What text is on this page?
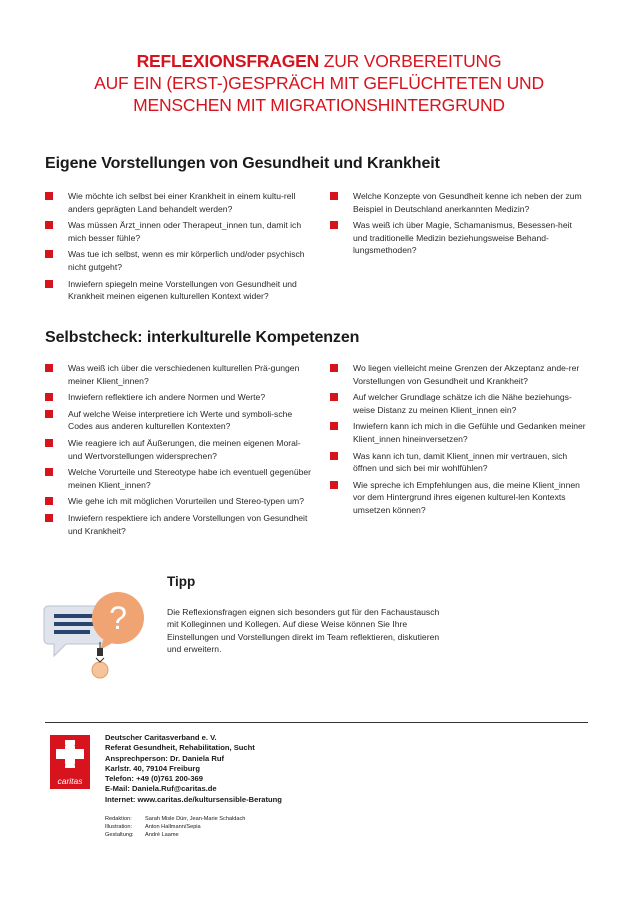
REFLEXIONSFRAGEN ZUR VORBEREITUNG
AUF EIN (ERST-)GESPRÄCH MIT GEFLÜCHTETEN UND
MENSCHEN MIT MIGRATIONSHINTERGRUND
Eigene Vorstellungen von Gesundheit und Krankheit
Wie möchte ich selbst bei einer Krankheit in einem kultu-rell anders geprägten Land behandelt werden?
Was müssen Ärzt_innen oder Therapeut_innen tun, damit ich mich besser fühle?
Was tue ich selbst, wenn es mir körperlich und/oder psychisch nicht gutgeht?
Inwiefern spiegeln meine Vorstellungen von Gesundheit und Krankheit meinen eigenen kulturellen Kontext wider?
Welche Konzepte von Gesundheit kenne ich neben der zum Beispiel in Deutschland anerkannten Medizin?
Was weiß ich über Magie, Schamanismus, Besessen-heit und traditionelle Medizin beziehungsweise Behand-lungsmethoden?
Selbstcheck: interkulturelle Kompetenzen
Was weiß ich über die verschiedenen kulturellen Prä-gungen meiner Klient_innen?
Inwiefern reflektiere ich andere Normen und Werte?
Auf welche Weise interpretiere ich Werte und symboli-sche Codes aus anderen kulturellen Kontexten?
Wie reagiere ich auf Äußerungen, die meinen eigenen Moral- und Wertvorstellungen widersprechen?
Welche Vorurteile und Stereotype habe ich eventuell gegenüber meinen Klient_innen?
Wie gehe ich mit möglichen Vorurteilen und Stereo-typen um?
Inwiefern respektiere ich andere Vorstellungen von Gesundheit und Krankheit?
Wo liegen vielleicht meine Grenzen der Akzeptanz ande-rer Vorstellungen von Gesundheit und Krankheit?
Auf welcher Grundlage schätze ich die Nähe beziehungs-weise Distanz zu meinen Klient_innen ein?
Inwiefern kann ich mich in die Gefühle und Gedanken meiner Klient_innen hineinversetzen?
Was kann ich tun, damit Klient_innen mir vertrauen, sich öffnen und sich bei mir wohlfühlen?
Wie spreche ich Empfehlungen aus, die meine Klient_innen vor dem Hintergrund ihres eigenen kulturel-len Kontexts umsetzen können?
?
Tipp
Die Reflexionsfragen eignen sich besonders gut für den Fachaustausch mit Kolleginnen und Kollegen. Auf diese Weise können Sie Ihre Einstellungen und Vorstellungen direkt im Team reflektieren, diskutieren und erweitern.
caritas
Deutscher Caritasverband e. V.
Referat Gesundheit, Rehabilitation, Sucht
Ansprechperson: Dr. Daniela Ruf
Karlstr. 40, 79104 Freiburg
Telefon: +49 (0)761 200-369
E-Mail: Daniela.Ruf@caritas.de
Internet: www.caritas.de/kultursensible-Beratung
Redaktion: Sarah Misle Dürr, Jean-Marie Schaldach
Illustration: Anton Hallmann/Sepia
Gestaltung: André Laame
